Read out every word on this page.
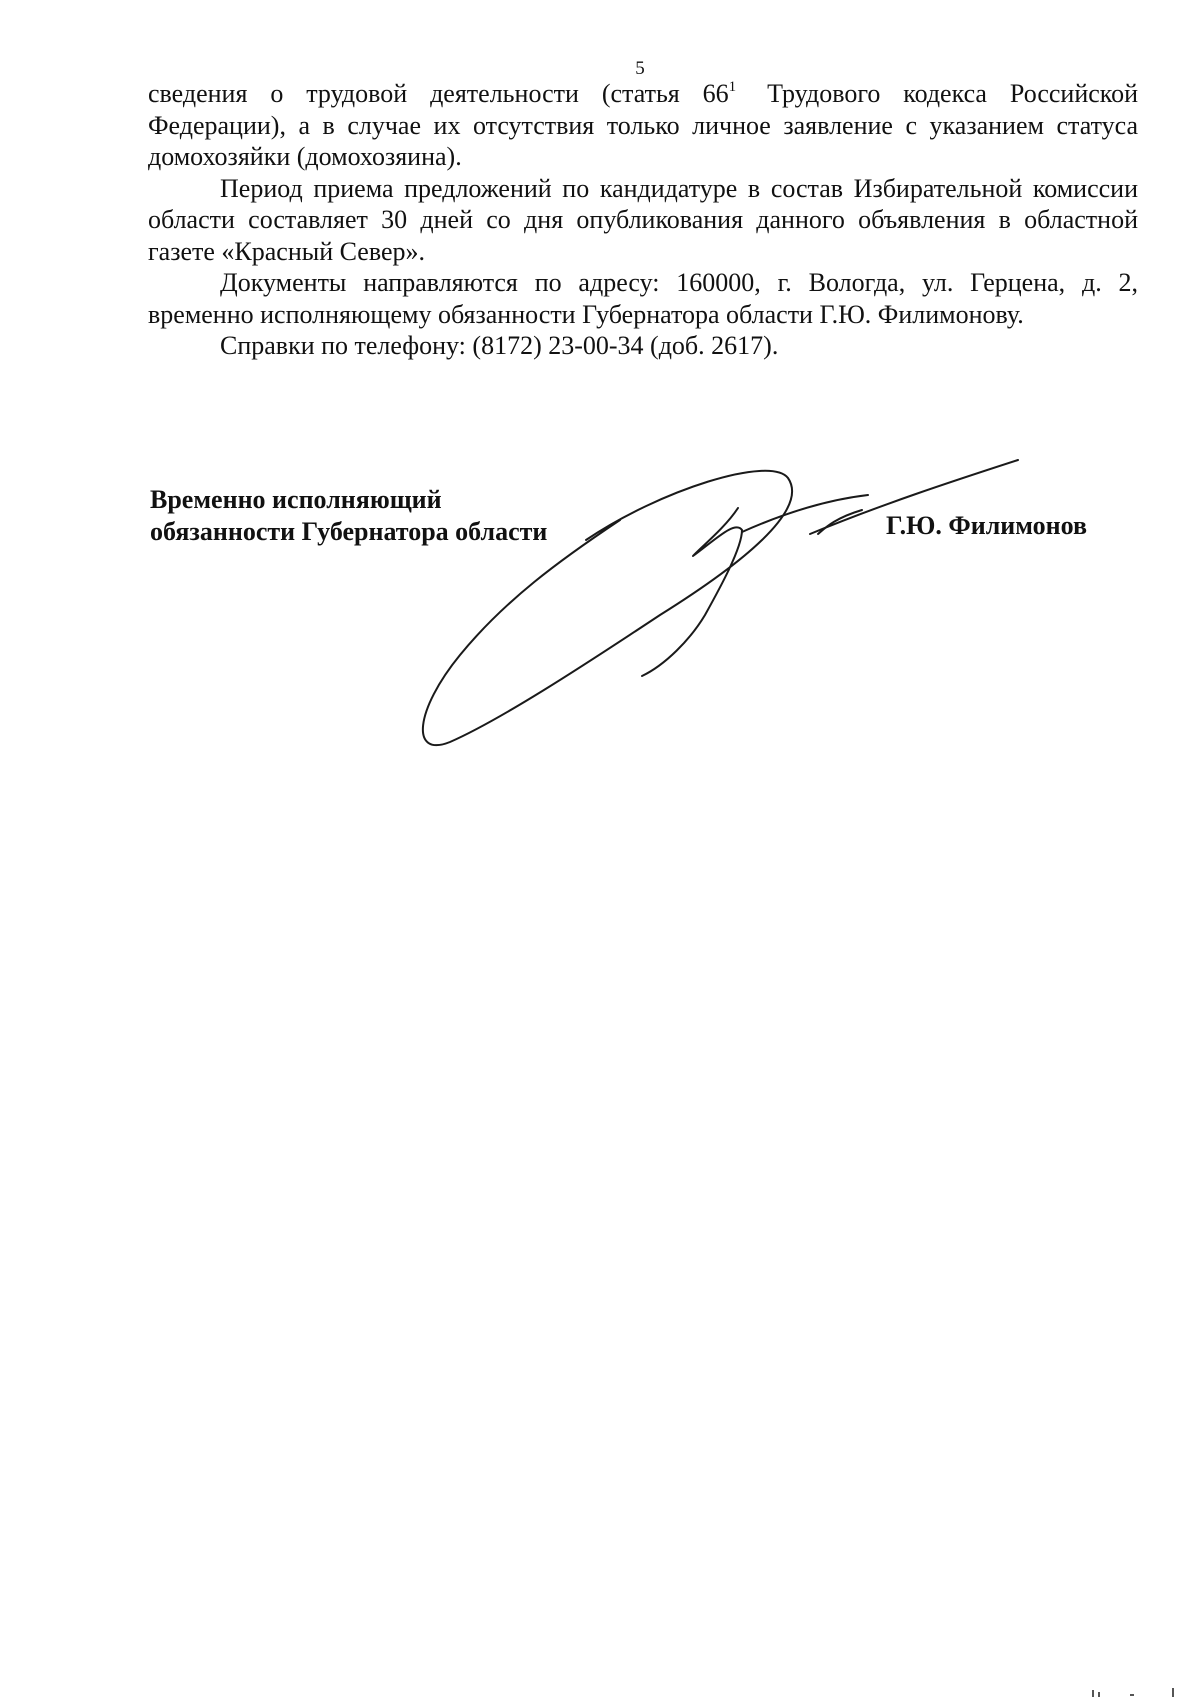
5

сведения о трудовой деятельности (статья $66^1$ Трудового кодекса Российской Федерации), а в случае их отсутствия только личное заявление с указанием статуса домохозяйки (домохозяина).

Период приема предложений по кандидатуре в состав Избирательной комиссии области составляет 30 дней со дня опубликования данного объявления в областной газете «Красный Север».

Документы направляются по адресу: 160000, г. Вологда, ул. Герцена, д. 2, временно исполняющему обязанности Губернатора области Г.Ю. Филимонову.

Справки по телефону: (8172) 23-00-34 (доб. 2617).

Временно исполняющий
обязанности Губернатора области	Г.Ю. Филимонов
